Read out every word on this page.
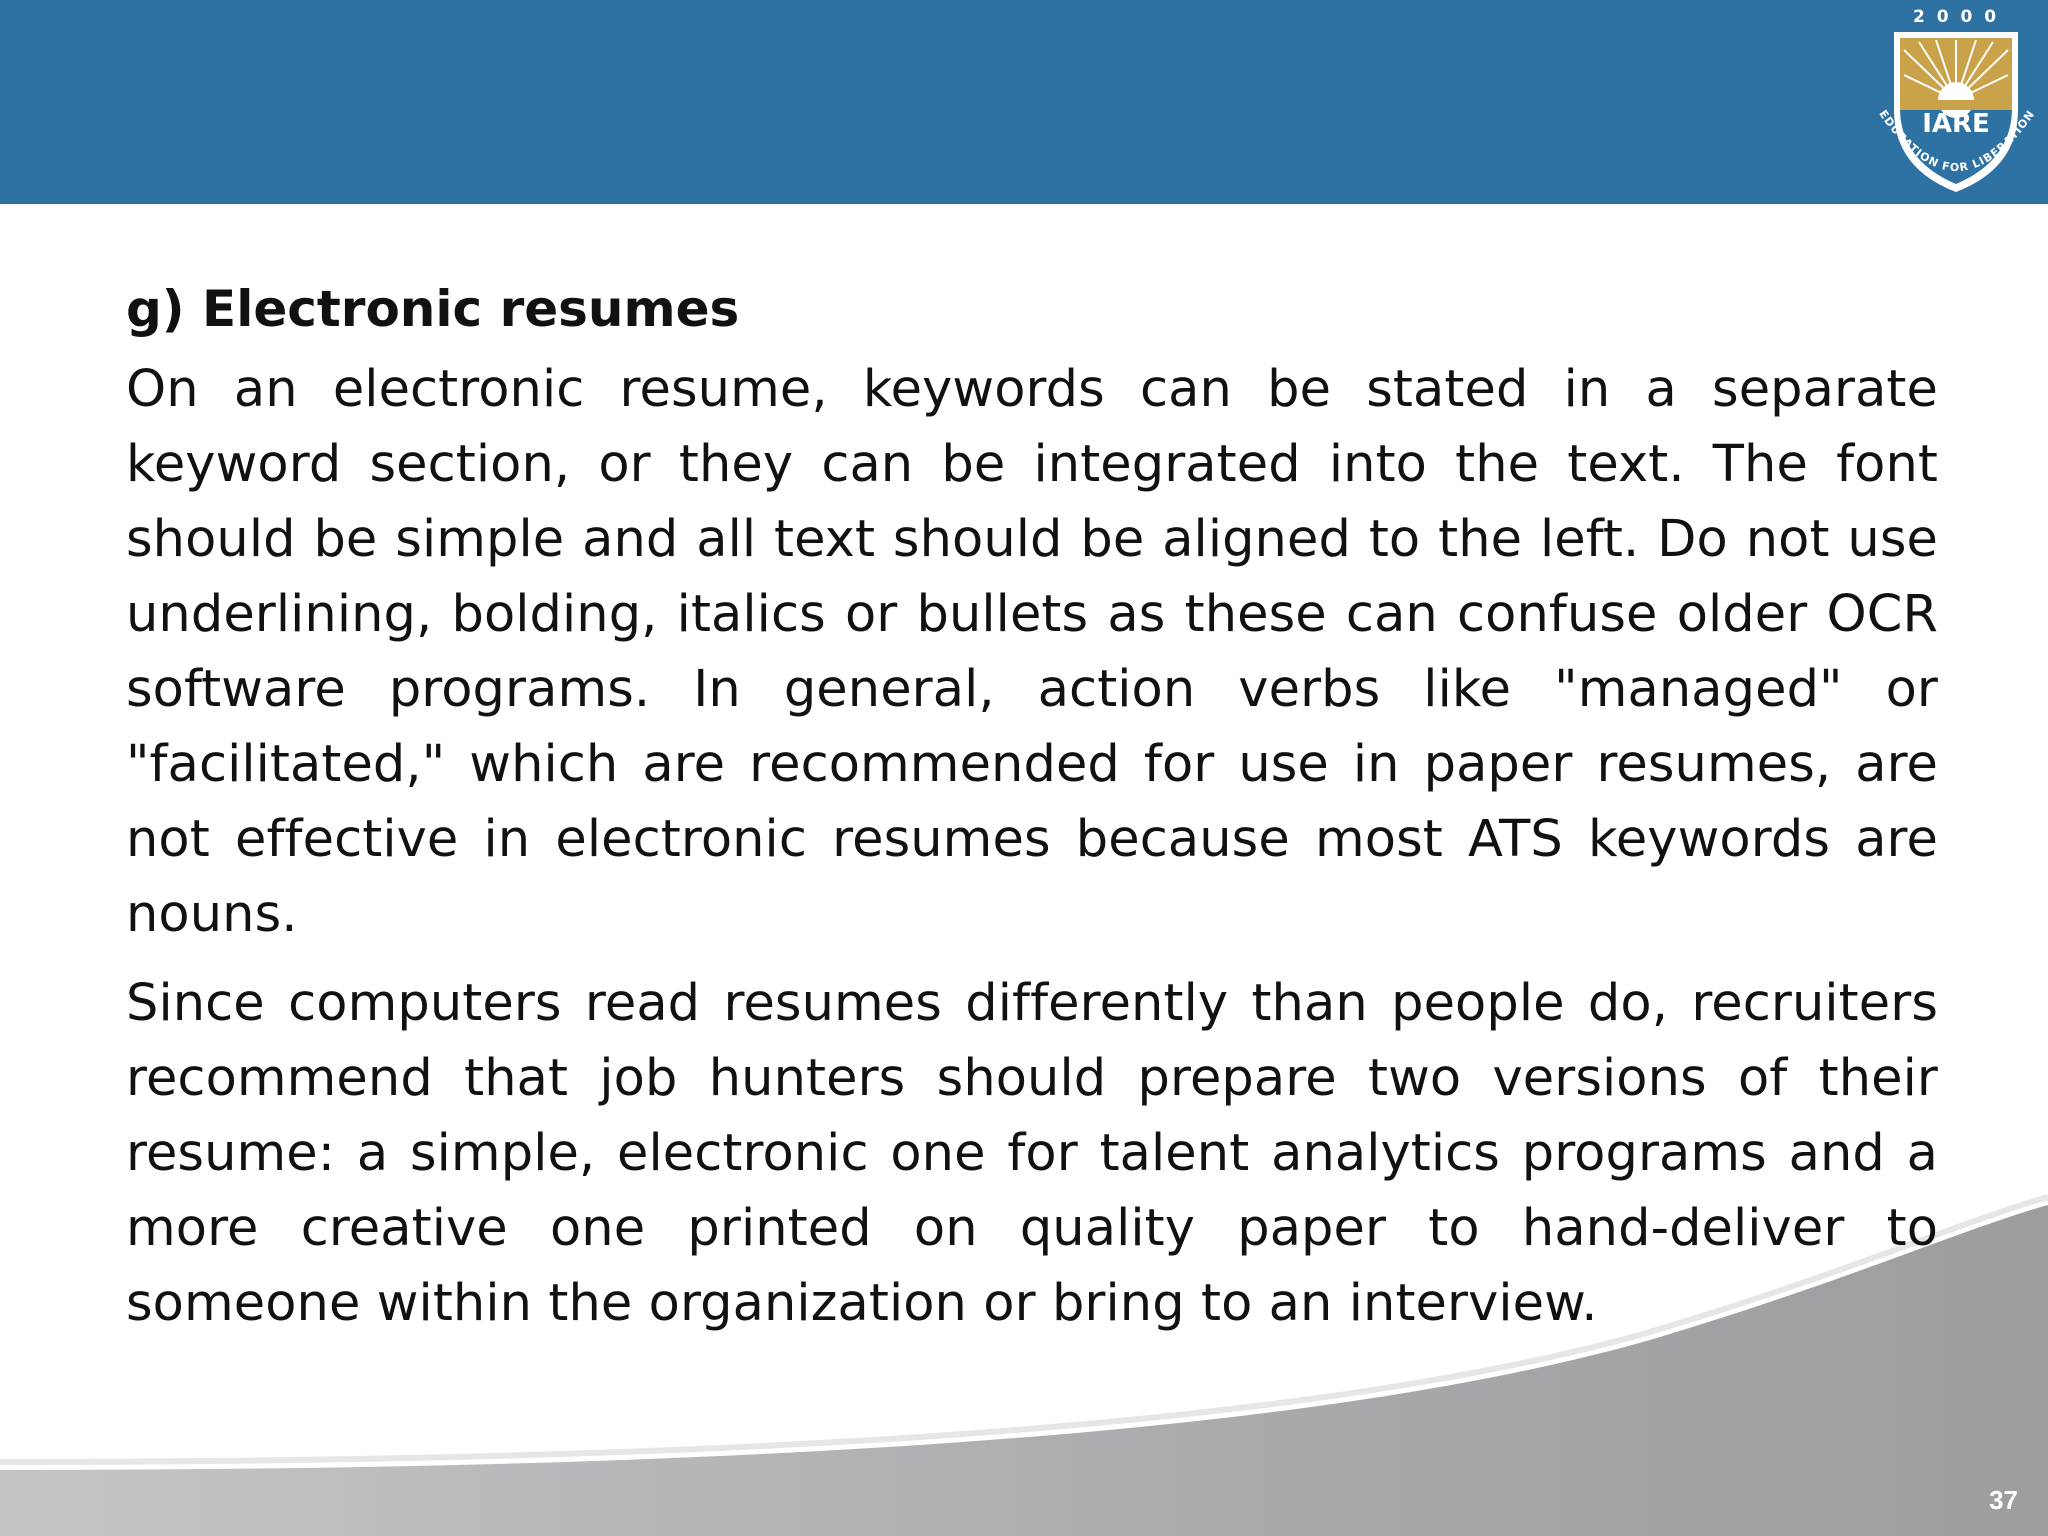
2 0 0 0
IARE
EDUCATION FOR LIBERATION
g) Electronic resumes

On an electronic resume, keywords can be stated in a separate keyword section, or they can be integrated into the text. The font should be simple and all text should be aligned to the left. Do not use underlining, bolding, italics or bullets as these can confuse older OCR software programs. In general, action verbs like "managed" or "facilitated," which are recommended for use in paper resumes, are not effective in electronic resumes because most ATS keywords are nouns.

Since computers read resumes differently than people do, recruiters recommend that job hunters should prepare two versions of their resume: a simple, electronic one for talent analytics programs and a more creative one printed on quality paper to hand-deliver to someone within the organization or bring to an interview.

37
